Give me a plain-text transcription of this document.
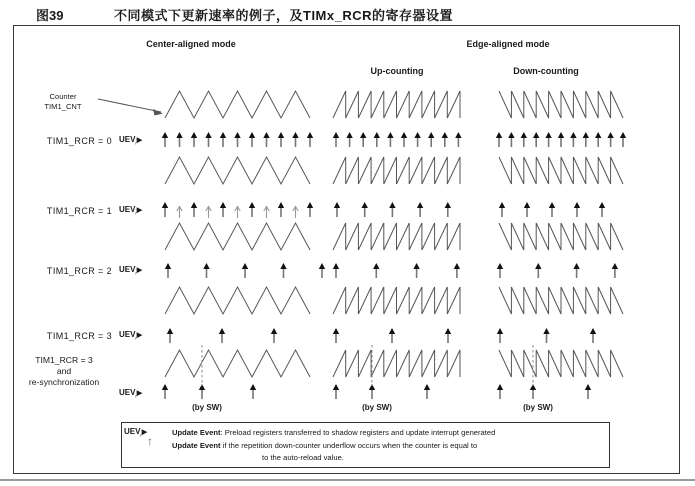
图39	不同模式下更新速率的例子，及TIMx_RCR的寄存器设置
Center-aligned mode	Edge-aligned mode
Up-counting	Down-counting
Counter
TIM1_CNT
TIM1_RCR = 0
TIM1_RCR = 1
TIM1_RCR = 2
TIM1_RCR = 3
TIM1_RCR = 3
and
re-synchronization
$UEV_ᵣ▶$
$UEV_ᵣ▶$
$UEV_ᵣ▶$
$UEV_ᵣ▶$
$UEV_ᵣ▶$
(by SW)	(by SW)	(by SW)
$UEV_ᵣ▶$	Update Event: Preload registers transferred to shadow registers and update interrupt generated
↑	Update Event if the repetition down-counter underflow occurs when the counter is equal to
to the auto-reload value.
